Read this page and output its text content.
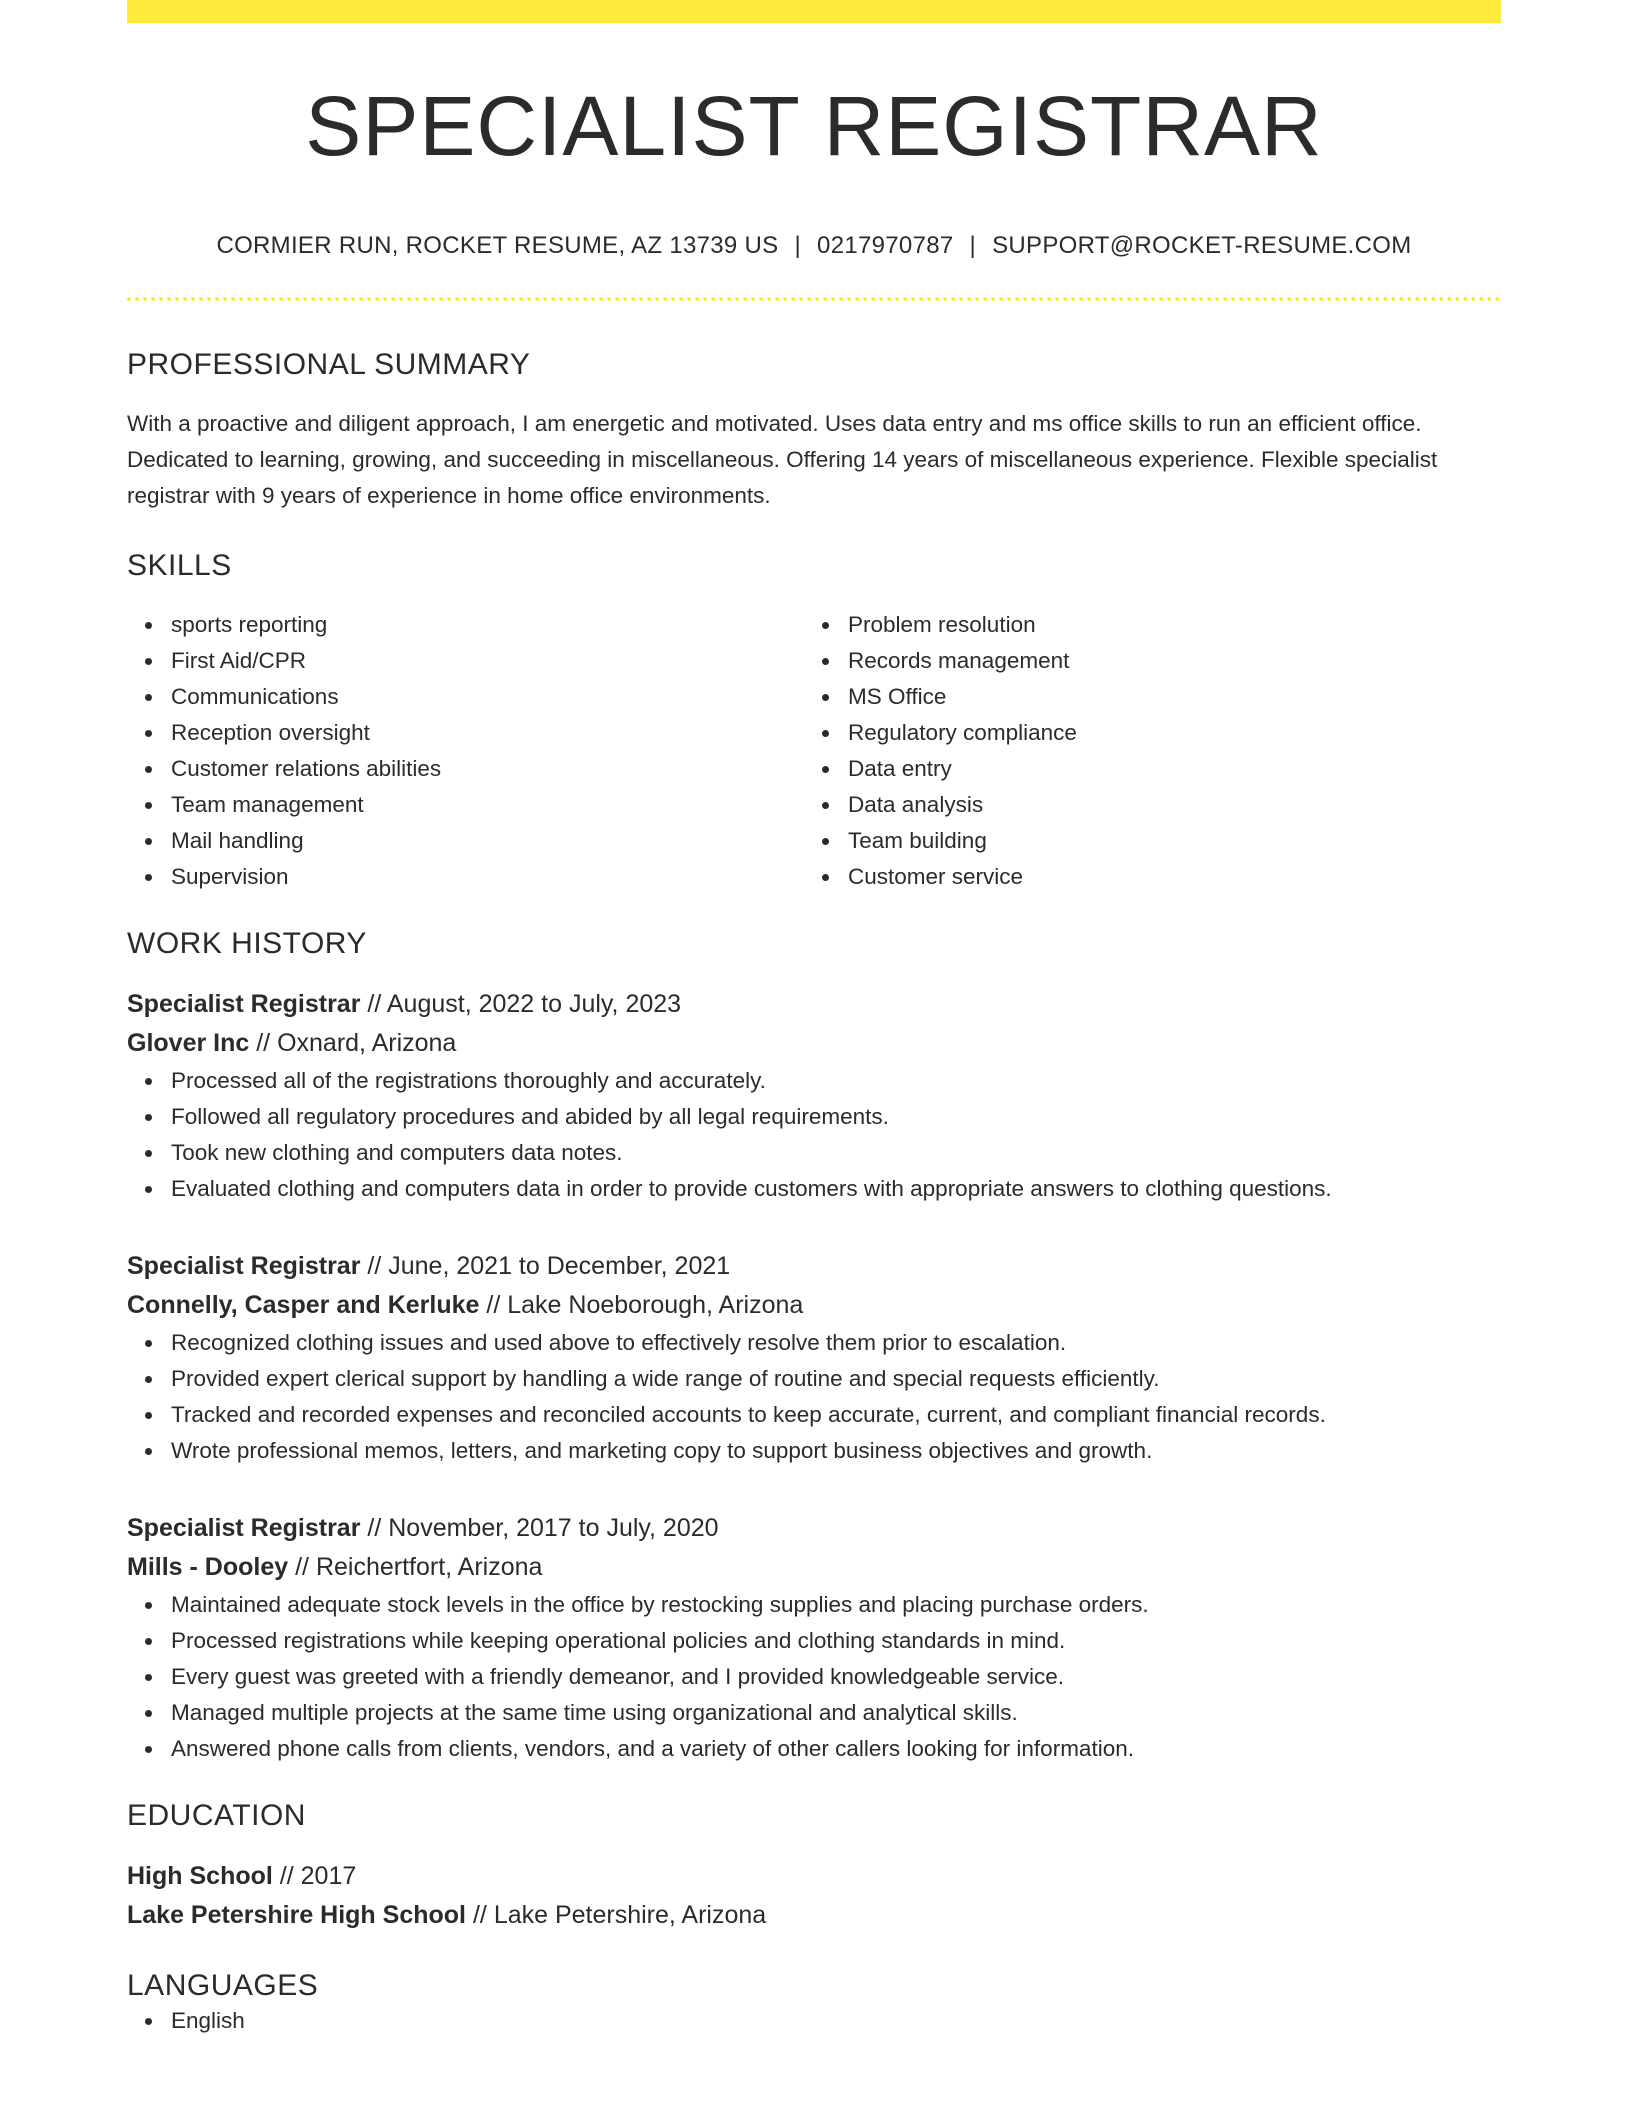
SPECIALIST REGISTRAR
CORMIER RUN, ROCKET RESUME, AZ 13739 US | 0217970787 | SUPPORT@ROCKET-RESUME.COM
PROFESSIONAL SUMMARY
With a proactive and diligent approach, I am energetic and motivated. Uses data entry and ms office skills to run an efficient office. Dedicated to learning, growing, and succeeding in miscellaneous. Offering 14 years of miscellaneous experience. Flexible specialist registrar with 9 years of experience in home office environments.
SKILLS
sports reporting
First Aid/CPR
Communications
Reception oversight
Customer relations abilities
Team management
Mail handling
Supervision
Problem resolution
Records management
MS Office
Regulatory compliance
Data entry
Data analysis
Team building
Customer service
WORK HISTORY
Specialist Registrar // August, 2022 to July, 2023
Glover Inc // Oxnard, Arizona
Processed all of the registrations thoroughly and accurately.
Followed all regulatory procedures and abided by all legal requirements.
Took new clothing and computers data notes.
Evaluated clothing and computers data in order to provide customers with appropriate answers to clothing questions.
Specialist Registrar // June, 2021 to December, 2021
Connelly, Casper and Kerluke // Lake Noeborough, Arizona
Recognized clothing issues and used above to effectively resolve them prior to escalation.
Provided expert clerical support by handling a wide range of routine and special requests efficiently.
Tracked and recorded expenses and reconciled accounts to keep accurate, current, and compliant financial records.
Wrote professional memos, letters, and marketing copy to support business objectives and growth.
Specialist Registrar // November, 2017 to July, 2020
Mills - Dooley // Reichertfort, Arizona
Maintained adequate stock levels in the office by restocking supplies and placing purchase orders.
Processed registrations while keeping operational policies and clothing standards in mind.
Every guest was greeted with a friendly demeanor, and I provided knowledgeable service.
Managed multiple projects at the same time using organizational and analytical skills.
Answered phone calls from clients, vendors, and a variety of other callers looking for information.
EDUCATION
High School // 2017
Lake Petershire High School // Lake Petershire, Arizona
LANGUAGES
English
